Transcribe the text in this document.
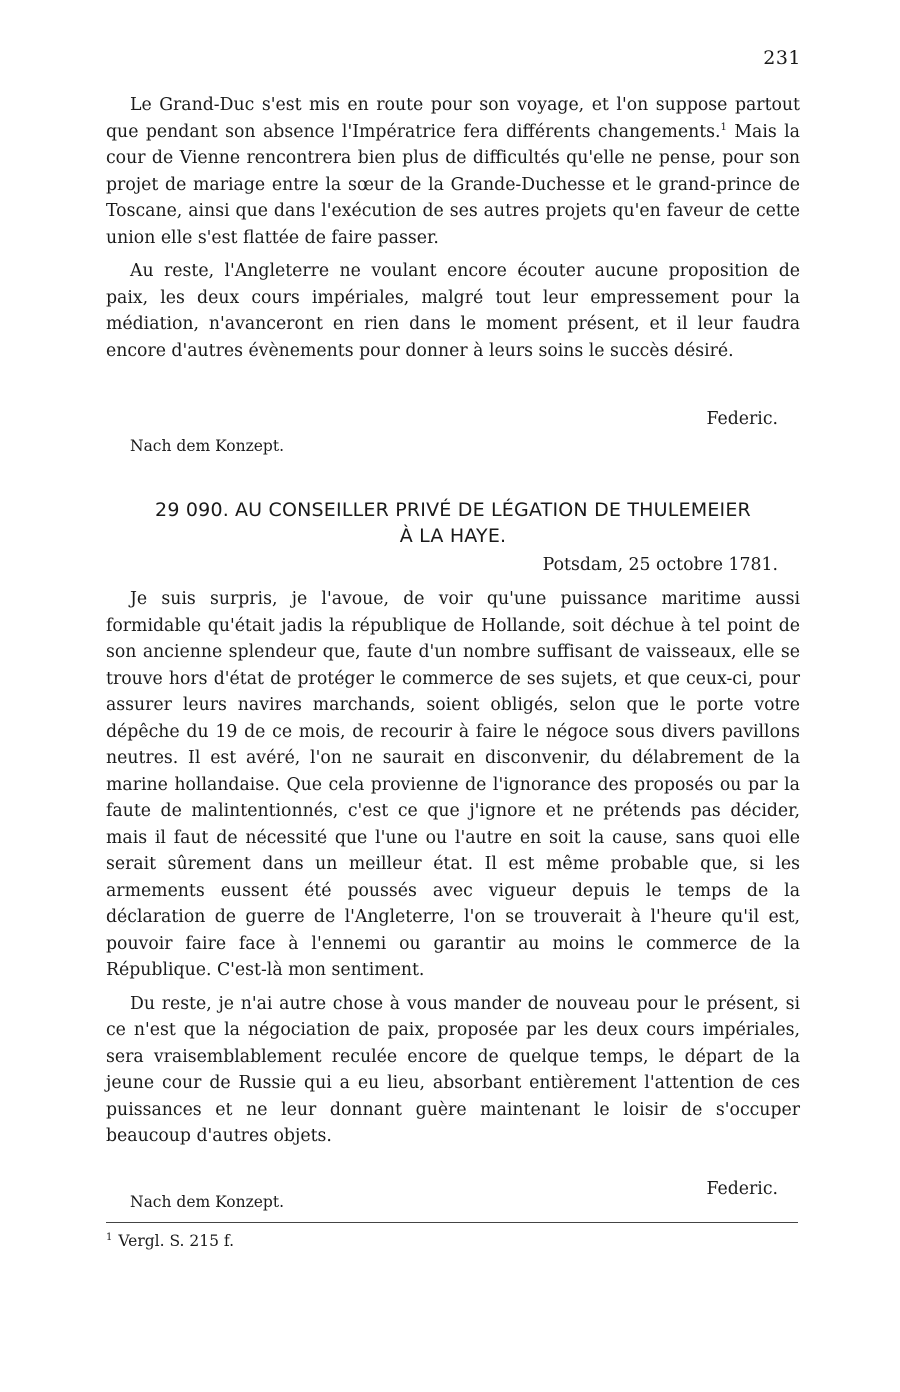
231

Le Grand-Duc s'est mis en route pour son voyage, et l'on suppose partout que pendant son absence l'Impératrice fera différents changements.$^1$ Mais la cour de Vienne rencontrera bien plus de difficultés qu'elle ne pense, pour son projet de mariage entre la sœur de la Grande-Duchesse et le grand-prince de Toscane, ainsi que dans l'exécution de ses autres projets qu'en faveur de cette union elle s'est flattée de faire passer.

Au reste, l'Angleterre ne voulant encore écouter aucune proposition de paix, les deux cours impériales, malgré tout leur empressement pour la médiation, n'avanceront en rien dans le moment présent, et il leur faudra encore d'autres évènements pour donner à leurs soins le succès désiré.

Federic.
Nach dem Konzept.
29 090. AU CONSEILLER PRIVÉ DE LÉGATION DE THULEMEIER
À LA HAYE.
Potsdam, 25 octobre 1781.

Je suis surpris, je l'avoue, de voir qu'une puissance maritime aussi formidable qu'était jadis la république de Hollande, soit déchue à tel point de son ancienne splendeur que, faute d'un nombre suffisant de vaisseaux, elle se trouve hors d'état de protéger le commerce de ses sujets, et que ceux-ci, pour assurer leurs navires marchands, soient obligés, selon que le porte votre dépêche du 19 de ce mois, de recourir à faire le négoce sous divers pavillons neutres. Il est avéré, l'on ne saurait en disconvenir, du délabrement de la marine hollandaise. Que cela provienne de l'ignorance des proposés ou par la faute de malintentionnés, c'est ce que j'ignore et ne prétends pas décider, mais il faut de nécessité que l'une ou l'autre en soit la cause, sans quoi elle serait sûrement dans un meilleur état. Il est même probable que, si les armements eussent été poussés avec vigueur depuis le temps de la déclaration de guerre de l'Angleterre, l'on se trouverait à l'heure qu'il est, pouvoir faire face à l'ennemi ou garantir au moins le commerce de la République. C'est-là mon sentiment.

Du reste, je n'ai autre chose à vous mander de nouveau pour le présent, si ce n'est que la négociation de paix, proposée par les deux cours impériales, sera vraisemblablement reculée encore de quelque temps, le départ de la jeune cour de Russie qui a eu lieu, absorbant entièrement l'attention de ces puissances et ne leur donnant guère maintenant le loisir de s'occuper beaucoup d'autres objets.

Federic.
Nach dem Konzept.
$^1$ Vergl. S. 215 f.
